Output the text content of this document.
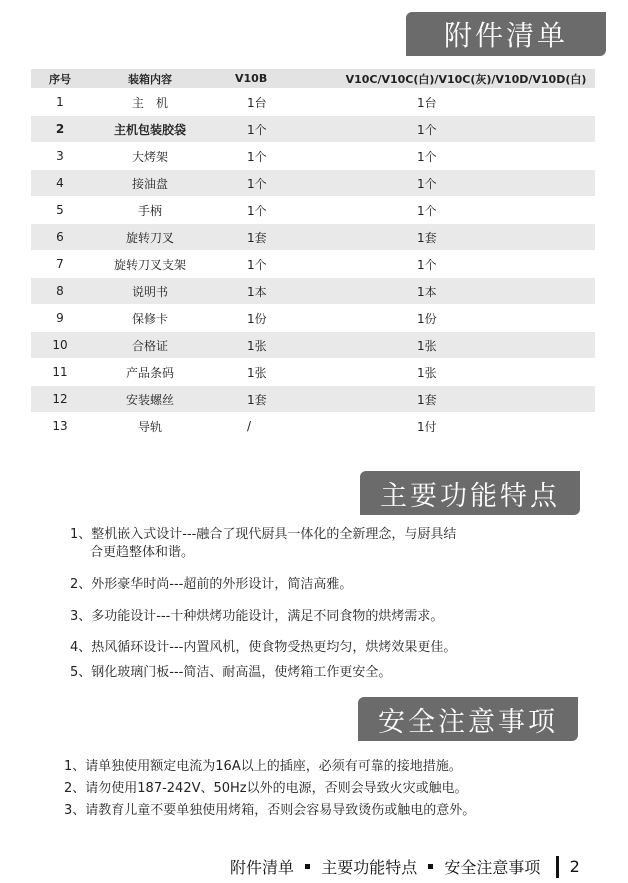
附件清单
序号	装箱内容	V10B	V10C/V10C(白)/V10C(灰)/V10D/V10D(白)
1	主　机	1台	1台
2	主机包装胶袋	1个	1个
3	大烤架	1个	1个
4	接油盘	1个	1个
5	手柄	1个	1个
6	旋转刀叉	1套	1套
7	旋转刀叉支架	1个	1个
8	说明书	1本	1本
9	保修卡	1份	1份
10	合格证	1张	1张
11	产品条码	1张	1张
12	安装螺丝	1套	1套
13	导轨	/	1付
主要功能特点
1、整机嵌入式设计---融合了现代厨具一体化的全新理念，与厨具结
合更趋整体和谐。
2、外形豪华时尚---超前的外形设计，简洁高雅。
3、多功能设计---十种烘烤功能设计，满足不同食物的烘烤需求。
4、热风循环设计---内置风机，使食物受热更均匀，烘烤效果更佳。
5、钢化玻璃门板---简洁、耐高温，使烤箱工作更安全。
安全注意事项
1、请单独使用额定电流为16A以上的插座，必须有可靠的接地措施。
2、请勿使用187-242V、50Hz以外的电源，否则会导致火灾或触电。
3、请教育儿童不要单独使用烤箱，否则会容易导致烫伤或触电的意外。
附件清单 主要功能特点 安全注意事项 2
